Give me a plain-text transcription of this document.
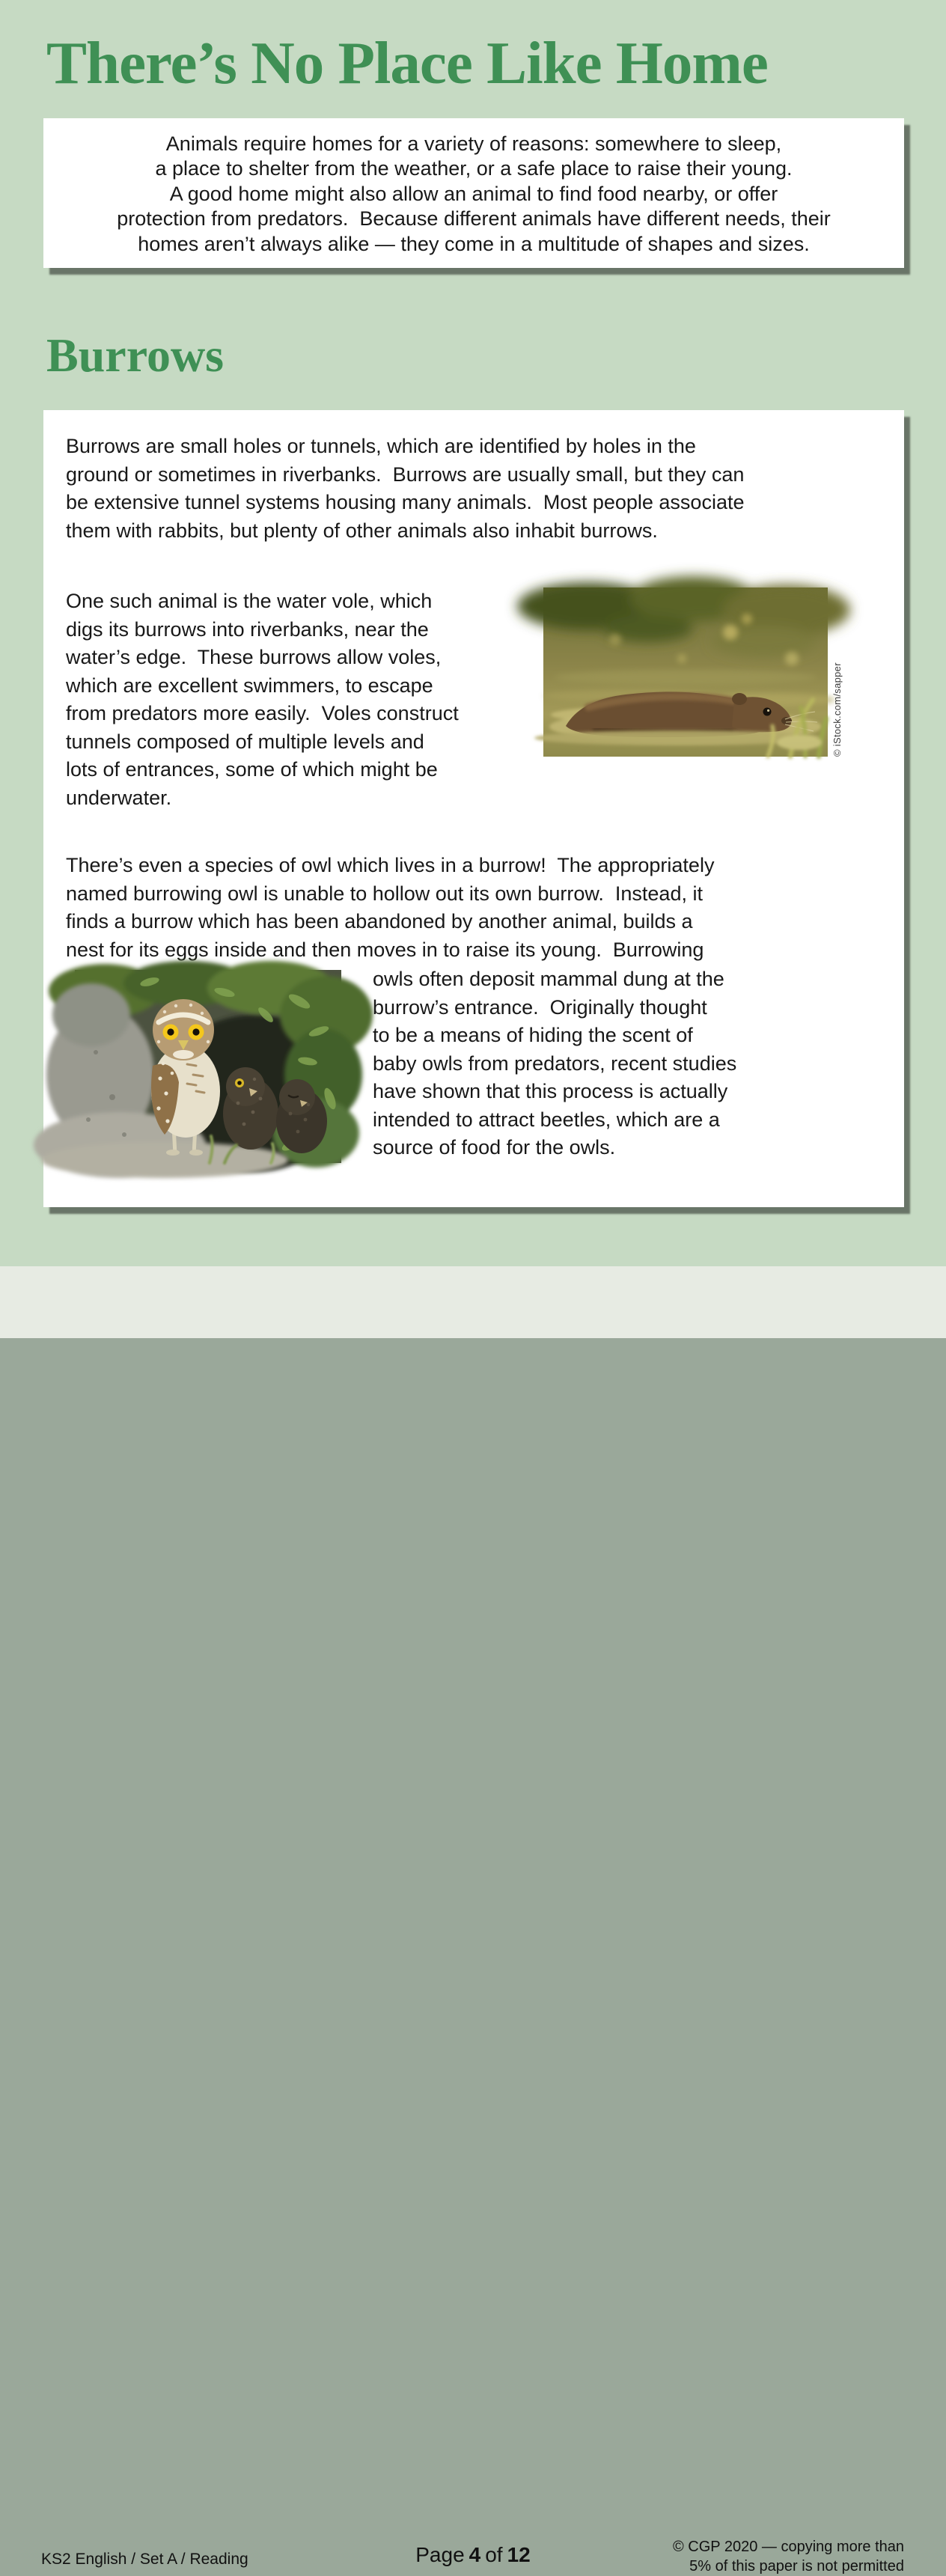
There’s No Place Like Home
Animals require homes for a variety of reasons: somewhere to sleep,
a place to shelter from the weather, or a safe place to raise their young.
A good home might also allow an animal to find food nearby, or offer
protection from predators.  Because different animals have different needs, their
homes aren’t always alike — they come in a multitude of shapes and sizes.
Burrows
Burrows are small holes or tunnels, which are identified by holes in the
ground or sometimes in riverbanks.  Burrows are usually small, but they can
be extensive tunnel systems housing many animals.  Most people associate
them with rabbits, but plenty of other animals also inhabit burrows.
One such animal is the water vole, which
digs its burrows into riverbanks, near the
water’s edge.  These burrows allow voles,
which are excellent swimmers, to escape
from predators more easily.  Voles construct
tunnels composed of multiple levels and
lots of entrances, some of which might be
underwater.
© iStock.com/sapper
There’s even a species of owl which lives in a burrow!  The appropriately
named burrowing owl is unable to hollow out its own burrow.  Instead, it
finds a burrow which has been abandoned by another animal, builds a
nest for its eggs inside and then moves in to raise its young.  Burrowing
owls often deposit mammal dung at the
burrow’s entrance.  Originally thought
to be a means of hiding the scent of
baby owls from predators, recent studies
have shown that this process is actually
intended to attract beetles, which are a
source of food for the owls.
KS2 English / Set A / Reading	Page 4 of 12	© CGP 2020 — copying more than
5% of this paper is not permitted
